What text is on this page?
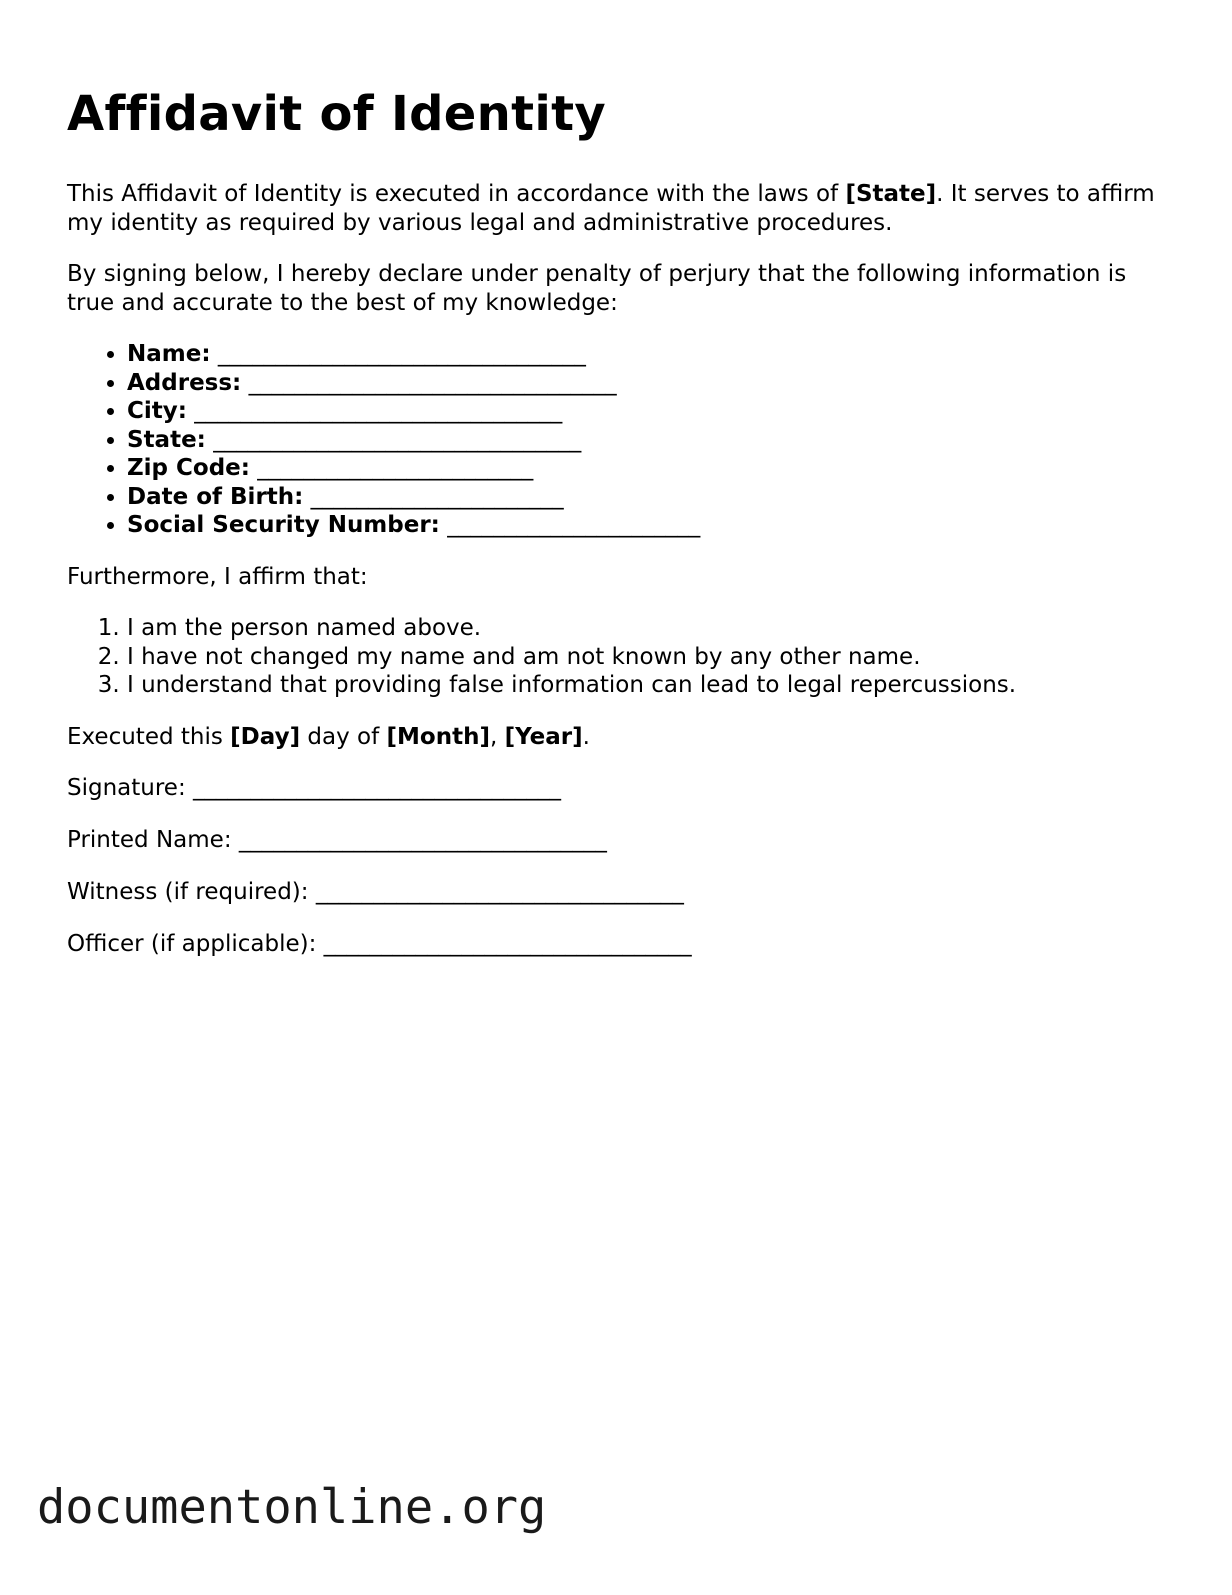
Affidavit of Identity

This Affidavit of Identity is executed in accordance with the laws of [State]. It serves to affirm my identity as required by various legal and administrative procedures.

By signing below, I hereby declare under penalty of perjury that the following information is true and accurate to the best of my knowledge:

• Name: ________________________________
• Address: ________________________________
• City: ________________________________
• State: ________________________________
• Zip Code: ________________________
• Date of Birth: ______________________
• Social Security Number: ______________________

Furthermore, I affirm that:

1. I am the person named above.
2. I have not changed my name and am not known by any other name.
3. I understand that providing false information can lead to legal repercussions.

Executed this [Day] day of [Month], [Year].

Signature: ________________________________
Printed Name: ________________________________
Witness (if required): ________________________________
Officer (if applicable): ________________________________
documentonline.org
